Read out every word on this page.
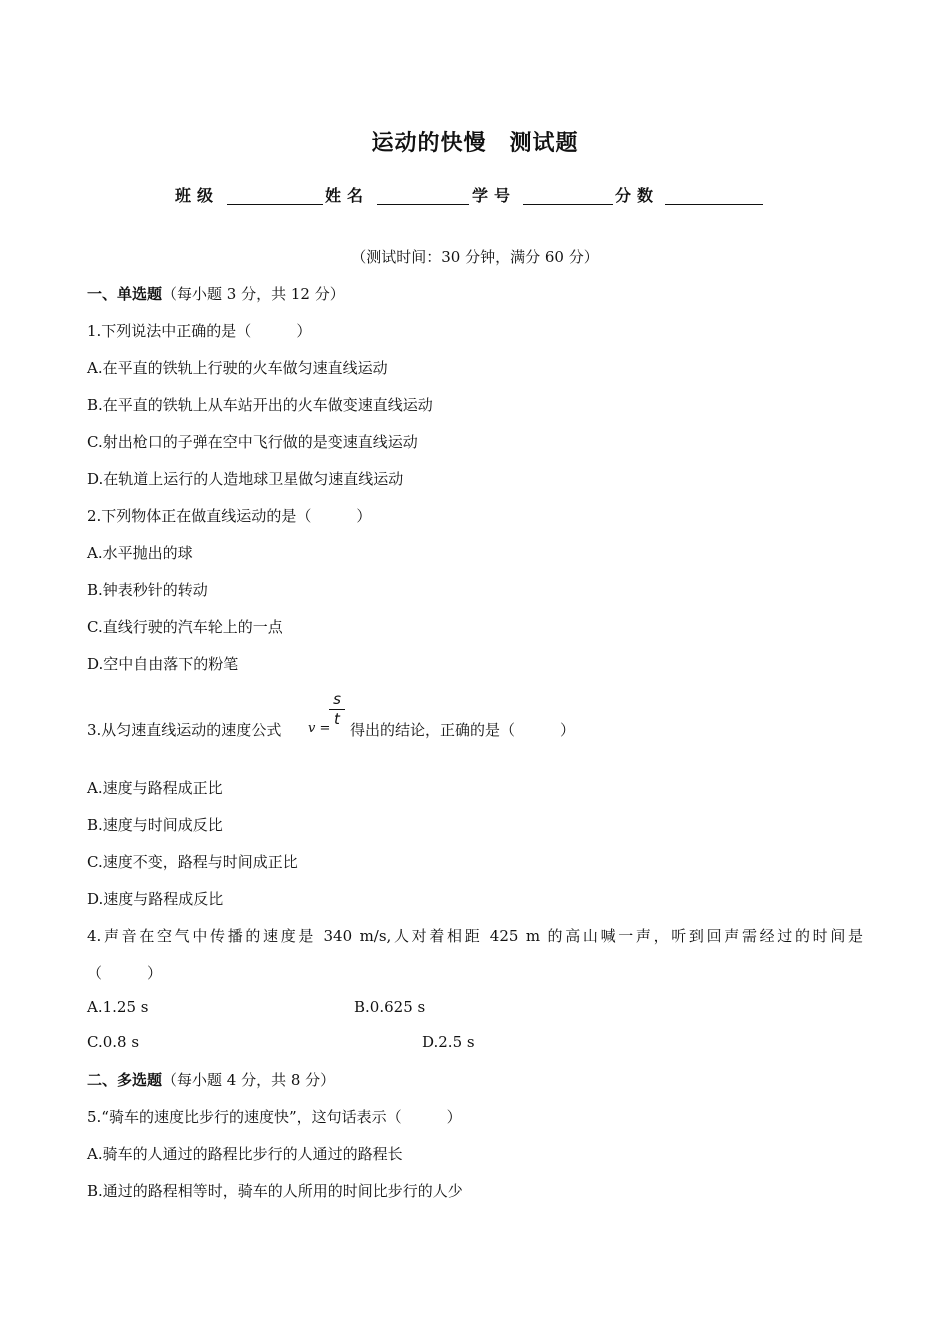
运动的快慢　测试题
班级	姓名	学号	分数
（测试时间：30 分钟，满分 60 分）
一、单选题（每小题 3 分，共 12 分）
1.下列说法中正确的是（　　　）
A.在平直的铁轨上行驶的火车做匀速直线运动
B.在平直的铁轨上从车站开出的火车做变速直线运动
C.射出枪口的子弹在空中飞行做的是变速直线运动
D.在轨道上运行的人造地球卫星做匀速直线运动
2.下列物体正在做直线运动的是（　　　）
A.水平抛出的球
B.钟表秒针的转动
C.直线行驶的汽车轮上的一点
D.空中自由落下的粉笔
3.从匀速直线运动的速度公式 v =
s
t
得出的结论，正确的是（　　　）
A.速度与路程成正比
B.速度与时间成反比
C.速度不变，路程与时间成正比
D.速度与路程成反比
4.声音在空气中传播的速度是 340 m/s,人对着相距 425 m 的高山喊一声，听到回声需经过的时间是
（　　　）
A.1.25 s	B.0.625 s
C.0.8 s	D.2.5 s
二、多选题（每小题 4 分，共 8 分）
5.“骑车的速度比步行的速度快”，这句话表示（　　　）
A.骑车的人通过的路程比步行的人通过的路程长
B.通过的路程相等时，骑车的人所用的时间比步行的人少
